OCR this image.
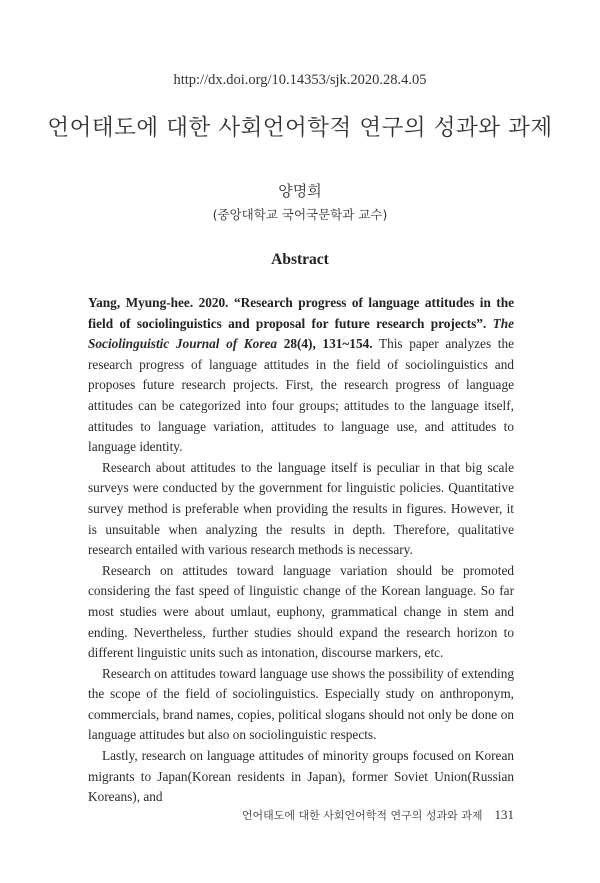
http://dx.doi.org/10.14353/sjk.2020.28.4.05
언어태도에 대한 사회언어학적 연구의 성과와 과제
양명희
(중앙대학교 국어국문학과 교수)
Abstract

Yang, Myung-hee. 2020. “Research progress of language attitudes in the field of sociolinguistics and proposal for future research projects”. The Sociolinguistic Journal of Korea 28(4), 131~154. This paper analyzes the research progress of language attitudes in the field of sociolinguistics and proposes future research projects. First, the research progress of language attitudes can be categorized into four groups; attitudes to the language itself, attitudes to language variation, attitudes to language use, and attitudes to language identity.

Research about attitudes to the language itself is peculiar in that big scale surveys were conducted by the government for linguistic policies. Quantitative survey method is preferable when providing the results in figures. However, it is unsuitable when analyzing the results in depth. Therefore, qualitative research entailed with various research methods is necessary.

Research on attitudes toward language variation should be promoted considering the fast speed of linguistic change of the Korean language. So far most studies were about umlaut, euphony, grammatical change in stem and ending. Nevertheless, further studies should expand the research horizon to different linguistic units such as intonation, discourse markers, etc.

Research on attitudes toward language use shows the possibility of extending the scope of the field of sociolinguistics. Especially study on anthroponym, commercials, brand names, copies, political slogans should not only be done on language attitudes but also on sociolinguistic respects.

Lastly, research on language attitudes of minority groups focused on Korean migrants to Japan(Korean residents in Japan), former Soviet Union(Russian Koreans), and

언어태도에 대한 사회언어학적 연구의 성과와 과제 131
